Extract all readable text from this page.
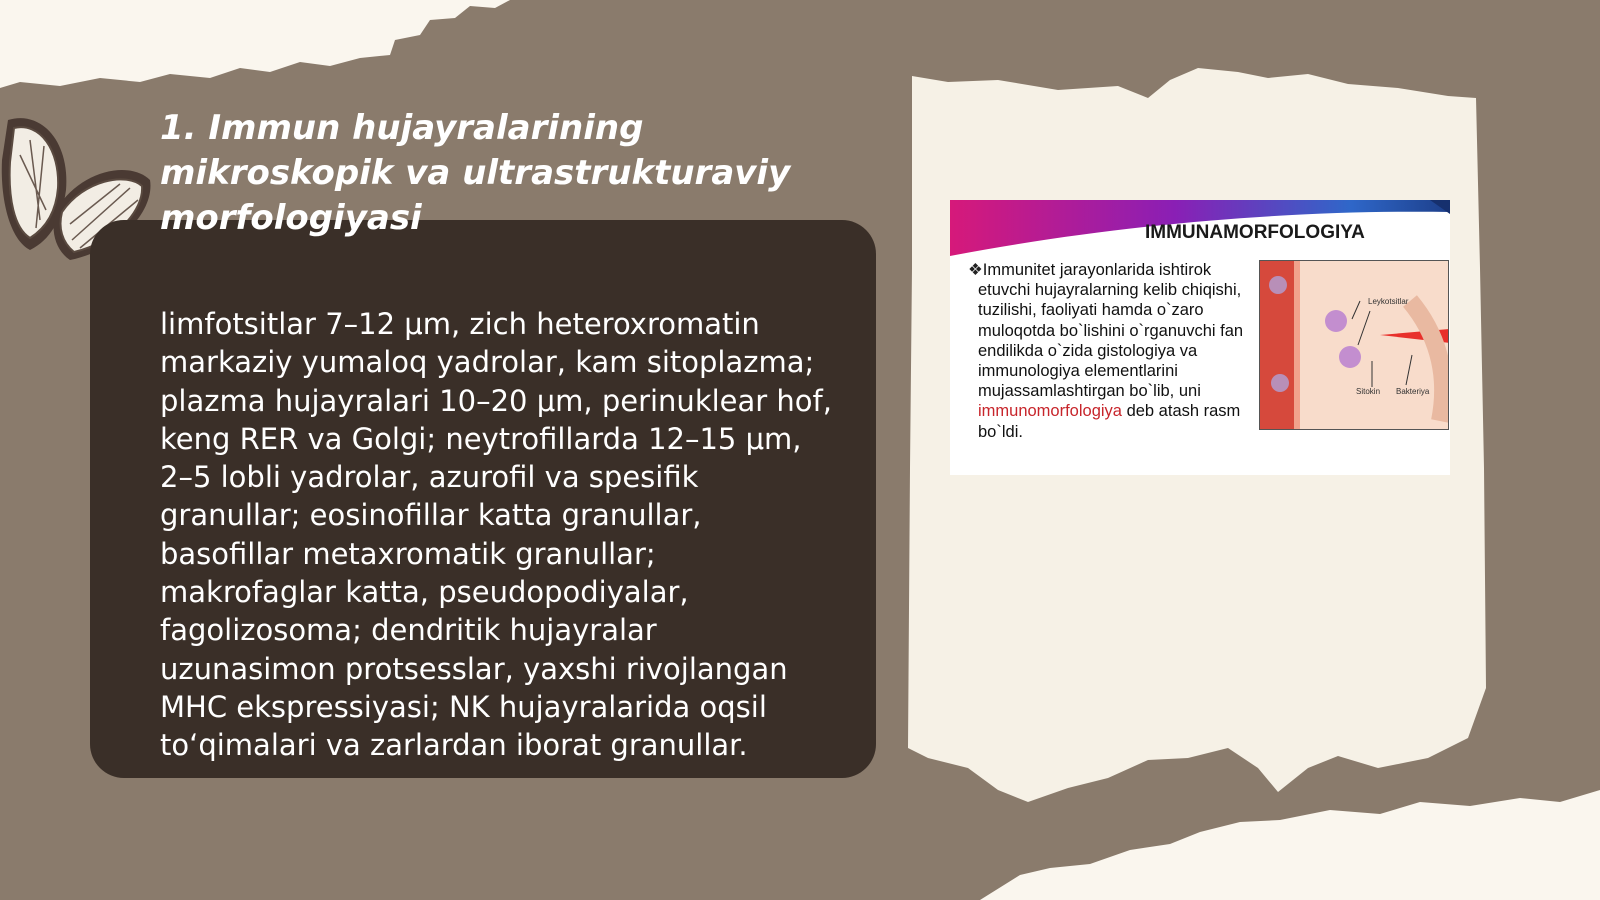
1. Immun hujayralarining mikroskopik va ultrastrukturaviy morfologiyasi

limfotsitlar 7–12 μm, zich heteroxromatin markaziy yumaloq yadrolar, kam sitoplazma; plazma hujayralari 10–20 μm, perinuklear hof, keng RER va Golgi; neytrofillarda 12–15 μm, 2–5 lobli yadrolar, azurofil va spesifik granullar; eosinofillar katta granullar, basofillar metaxromatik granullar; makrofaglar katta, pseudopodiyalar, fagolizosoma; dendritik hujayralar uzunasimon protsesslar, yaxshi rivojlangan MHC ekspressiyasi; NK hujayralarida oqsil to‘qimalari va zarlardan iborat granullar.

IMMUNAMORFOLOGIYA
❖Immunitet jarayonlarida ishtirok etuvchi hujayralarning kelib chiqishi, tuzilishi, faoliyati hamda o`zaro muloqotda bo`lishini o`rganuvchi fan endilikda o`zida gistologiya va immunologiya elementlarini mujassamlashtirgan bo`lib, uni immunomorfologiya deb atash rasm bo`ldi.
Leykotsitlar
Sitokin Bakteriya
